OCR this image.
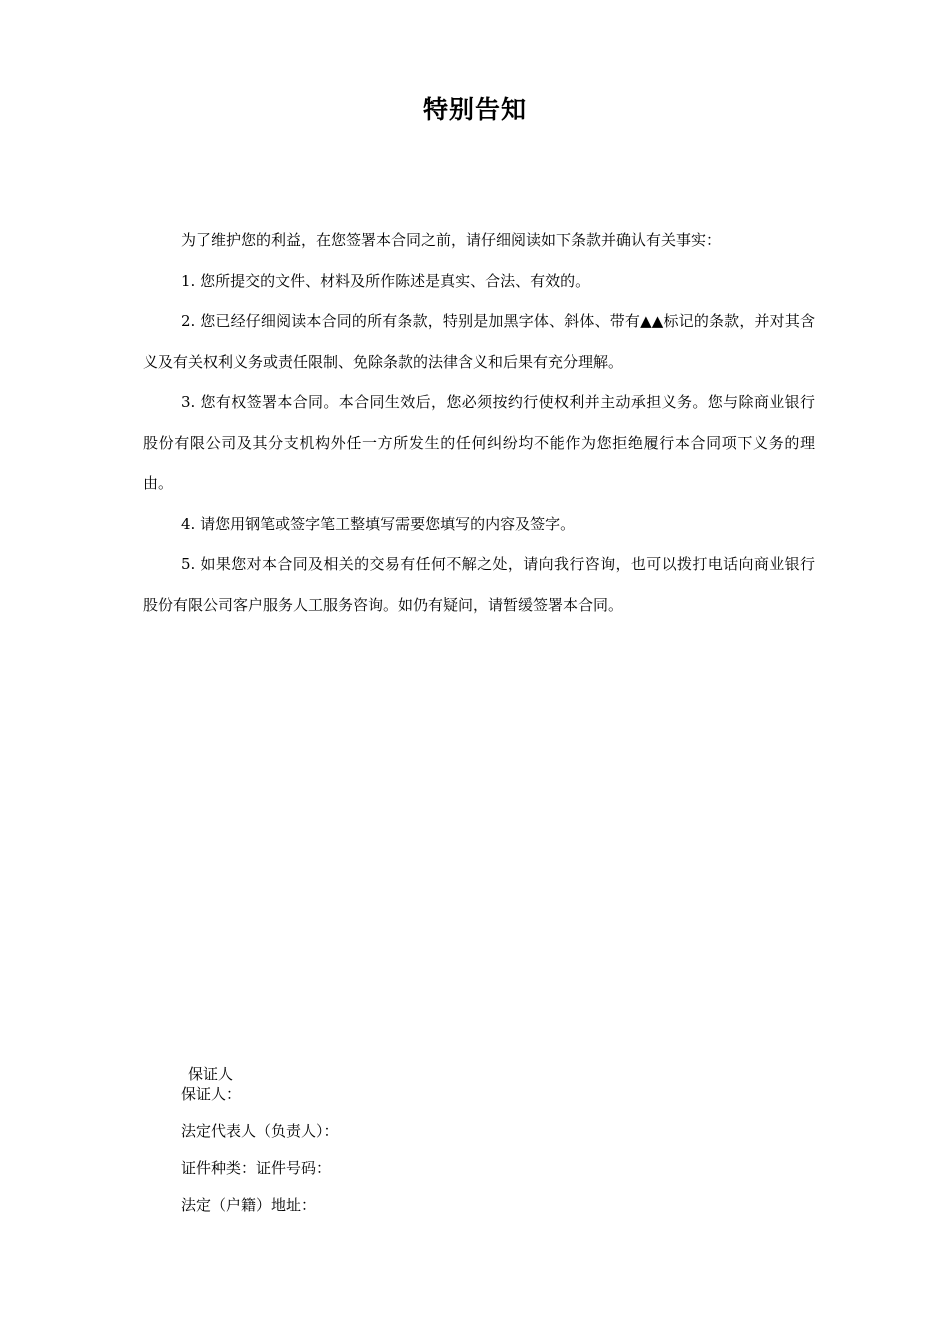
特别告知

为了维护您的利益，在您签署本合同之前，请仔细阅读如下条款并确认有关事实：

1. 您所提交的文件、材料及所作陈述是真实、合法、有效的。

2. 您已经仔细阅读本合同的所有条款，特别是加黑字体、斜体、带有▲▲标记的条款，并对其含义及有关权利义务或责任限制、免除条款的法律含义和后果有充分理解。

3. 您有权签署本合同。本合同生效后，您必须按约行使权利并主动承担义务。您与除商业银行股份有限公司及其分支机构外任一方所发生的任何纠纷均不能作为您拒绝履行本合同项下义务的理由。

4. 请您用钢笔或签字笔工整填写需要您填写的内容及签字。

5. 如果您对本合同及相关的交易有任何不解之处，请向我行咨询，也可以拨打电话向商业银行股份有限公司客户服务人工服务咨询。如仍有疑问，请暂缓签署本合同。

保证人
保证人：
法定代表人（负责人）：
证件种类：证件号码：
法定（户籍）地址：
